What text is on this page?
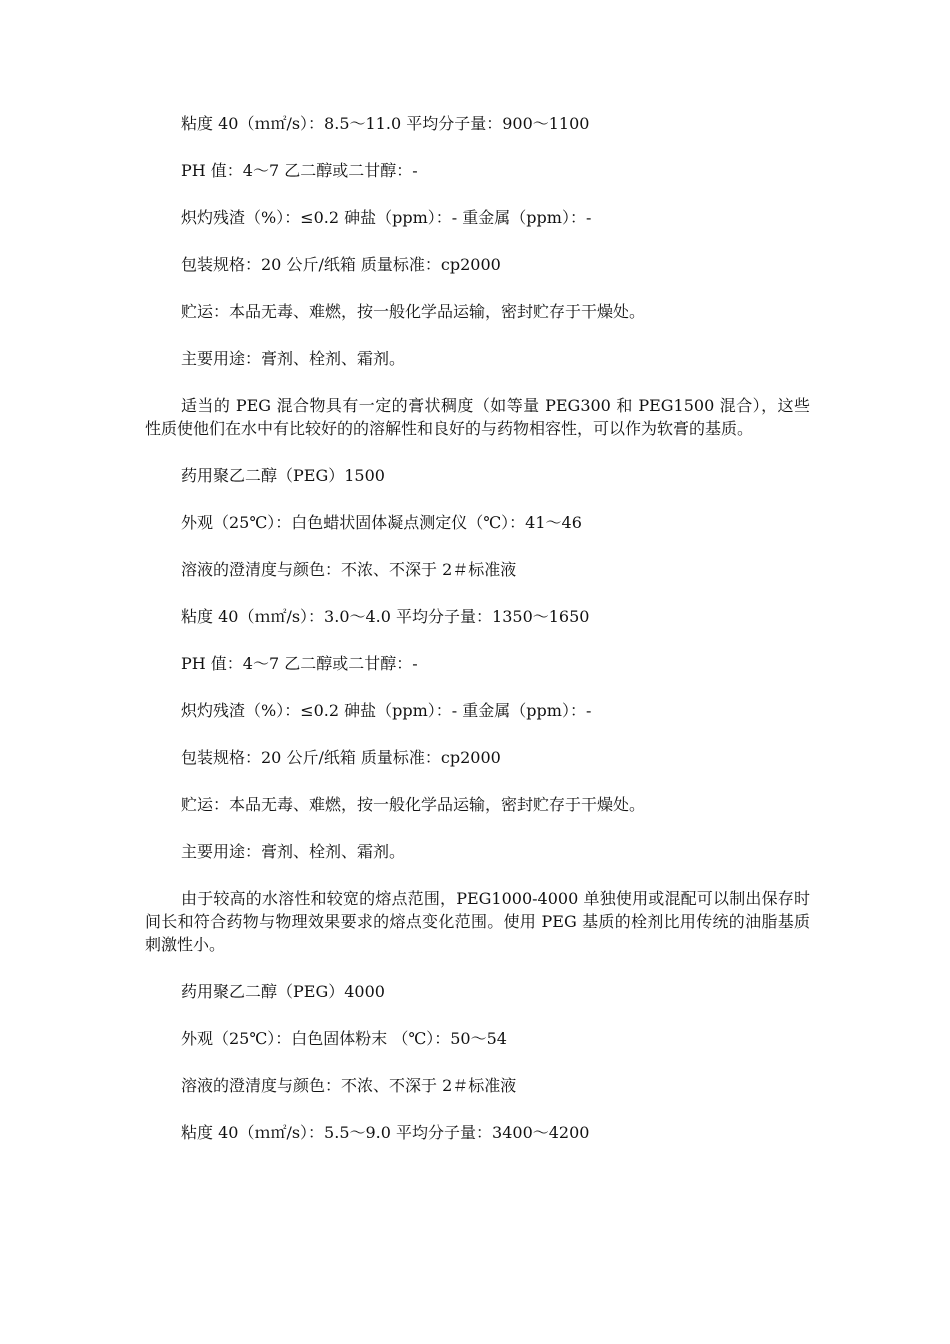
粘度 40（ｍ㎡/s）：8.5～11.0 平均分子量：900～1100

PH 值：4～7 乙二醇或二甘醇：-

炽灼残渣（%）：≤0.2 砷盐（ppm）：- 重金属（ppm）：-

包装规格：20 公斤/纸箱 质量标准：cp2000

贮运：本品无毒、难燃，按一般化学品运输，密封贮存于干燥处。

主要用途：膏剂、栓剂、霜剂。

适当的 PEG 混合物具有一定的膏状稠度（如等量 PEG300 和 PEG1500 混合），这些性质使他们在水中有比较好的的溶解性和良好的与药物相容性，可以作为软膏的基质。

药用聚乙二醇（PEG）1500

外观（25℃）：白色蜡状固体凝点测定仪（℃）：41～46

溶液的澄清度与颜色：不浓、不深于 2＃标准液

粘度 40（ｍ㎡/s）：3.0～4.0 平均分子量：1350～1650

PH 值：4～7 乙二醇或二甘醇：-

炽灼残渣（%）：≤0.2 砷盐（ppm）：- 重金属（ppm）：-

包装规格：20 公斤/纸箱 质量标准：cp2000

贮运：本品无毒、难燃，按一般化学品运输，密封贮存于干燥处。

主要用途：膏剂、栓剂、霜剂。

由于较高的水溶性和较宽的熔点范围，PEG1000-4000 单独使用或混配可以制出保存时间长和符合药物与物理效果要求的熔点变化范围。使用 PEG 基质的栓剂比用传统的油脂基质刺激性小。

药用聚乙二醇（PEG）4000

外观（25℃）：白色固体粉末 （℃）：50～54

溶液的澄清度与颜色：不浓、不深于 2＃标准液

粘度 40（ｍ㎡/s）：5.5～9.0 平均分子量：3400～4200
